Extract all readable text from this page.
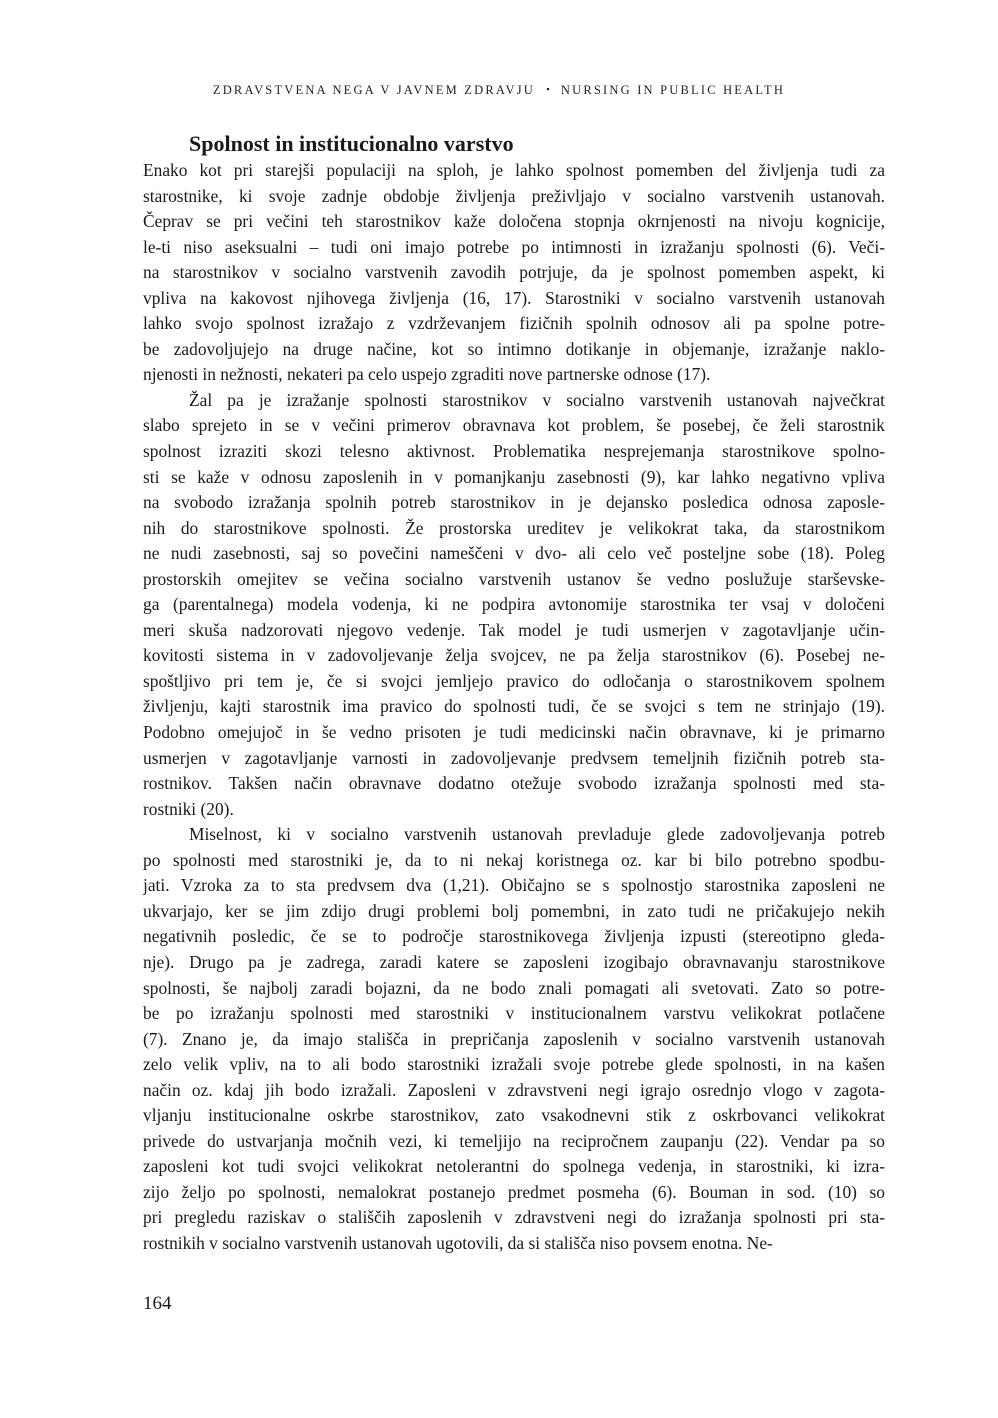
ZDRAVSTVENA NEGA V JAVNEM ZDRAVJU ▪ NURSING IN PUBLIC HEALTH
Spolnost in institucionalno varstvo
Enako kot pri starejši populaciji na sploh, je lahko spolnost pomemben del življenja tudi za
starostnike, ki svoje zadnje obdobje življenja preživljajo v socialno varstvenih ustanovah.
Čeprav se pri večini teh starostnikov kaže določena stopnja okrnjenosti na nivoju kognicije,
le-ti niso aseksualni – tudi oni imajo potrebe po intimnosti in izražanju spolnosti (6). Veči-
na starostnikov v socialno varstvenih zavodih potrjuje, da je spolnost pomemben aspekt, ki
vpliva na kakovost njihovega življenja (16, 17). Starostniki v socialno varstvenih ustanovah
lahko svojo spolnost izražajo z vzdrževanjem fizičnih spolnih odnosov ali pa spolne potre-
be zadovoljujejo na druge načine, kot so intimno dotikanje in objemanje, izražanje naklo-
njenosti in nežnosti, nekateri pa celo uspejo zgraditi nove partnerske odnose (17).
Žal pa je izražanje spolnosti starostnikov v socialno varstvenih ustanovah največkrat
slabo sprejeto in se v večini primerov obravnava kot problem, še posebej, če želi starostnik
spolnost izraziti skozi telesno aktivnost. Problematika nesprejemanja starostnikove spolno-
sti se kaže v odnosu zaposlenih in v pomanjkanju zasebnosti (9), kar lahko negativno vpliva
na svobodo izražanja spolnih potreb starostnikov in je dejansko posledica odnosa zaposle-
nih do starostnikove spolnosti. Že prostorska ureditev je velikokrat taka, da starostnikom
ne nudi zasebnosti, saj so povečini nameščeni v dvo- ali celo več posteljne sobe (18). Poleg
prostorskih omejitev se večina socialno varstvenih ustanov še vedno poslužuje starševske-
ga (parentalnega) modela vodenja, ki ne podpira avtonomije starostnika ter vsaj v določeni
meri skuša nadzorovati njegovo vedenje. Tak model je tudi usmerjen v zagotavljanje učin-
kovitosti sistema in v zadovoljevanje želja svojcev, ne pa želja starostnikov (6). Posebej ne-
spoštljivo pri tem je, če si svojci jemljejo pravico do odločanja o starostnikovem spolnem
življenju, kajti starostnik ima pravico do spolnosti tudi, če se svojci s tem ne strinjajo (19).
Podobno omejujoč in še vedno prisoten je tudi medicinski način obravnave, ki je primarno
usmerjen v zagotavljanje varnosti in zadovoljevanje predvsem temeljnih fizičnih potreb sta-
rostnikov. Takšen način obravnave dodatno otežuje svobodo izražanja spolnosti med sta-
rostniki (20).
Miselnost, ki v socialno varstvenih ustanovah prevladuje glede zadovoljevanja potreb
po spolnosti med starostniki je, da to ni nekaj koristnega oz. kar bi bilo potrebno spodbu-
jati. Vzroka za to sta predvsem dva (1,21). Običajno se s spolnostjo starostnika zaposleni ne
ukvarjajo, ker se jim zdijo drugi problemi bolj pomembni, in zato tudi ne pričakujejo nekih
negativnih posledic, če se to področje starostnikovega življenja izpusti (stereotipno gleda-
nje). Drugo pa je zadrega, zaradi katere se zaposleni izogibajo obravnavanju starostnikove
spolnosti, še najbolj zaradi bojazni, da ne bodo znali pomagati ali svetovati. Zato so potre-
be po izražanju spolnosti med starostniki v institucionalnem varstvu velikokrat potlačene
(7). Znano je, da imajo stališča in prepričanja zaposlenih v socialno varstvenih ustanovah
zelo velik vpliv, na to ali bodo starostniki izražali svoje potrebe glede spolnosti, in na kašen
način oz. kdaj jih bodo izražali. Zaposleni v zdravstveni negi igrajo osrednjo vlogo v zagota-
vljanju institucionalne oskrbe starostnikov, zato vsakodnevni stik z oskrbovanci velikokrat
privede do ustvarjanja močnih vezi, ki temeljijo na recipročnem zaupanju (22). Vendar pa so
zaposleni kot tudi svojci velikokrat netolerantni do spolnega vedenja, in starostniki, ki izra-
zijo željo po spolnosti, nemalokrat postanejo predmet posmeha (6). Bouman in sod. (10) so
pri pregledu raziskav o stališčih zaposlenih v zdravstveni negi do izražanja spolnosti pri sta-
rostnikih v socialno varstvenih ustanovah ugotovili, da si stališča niso povsem enotna. Ne-
164
